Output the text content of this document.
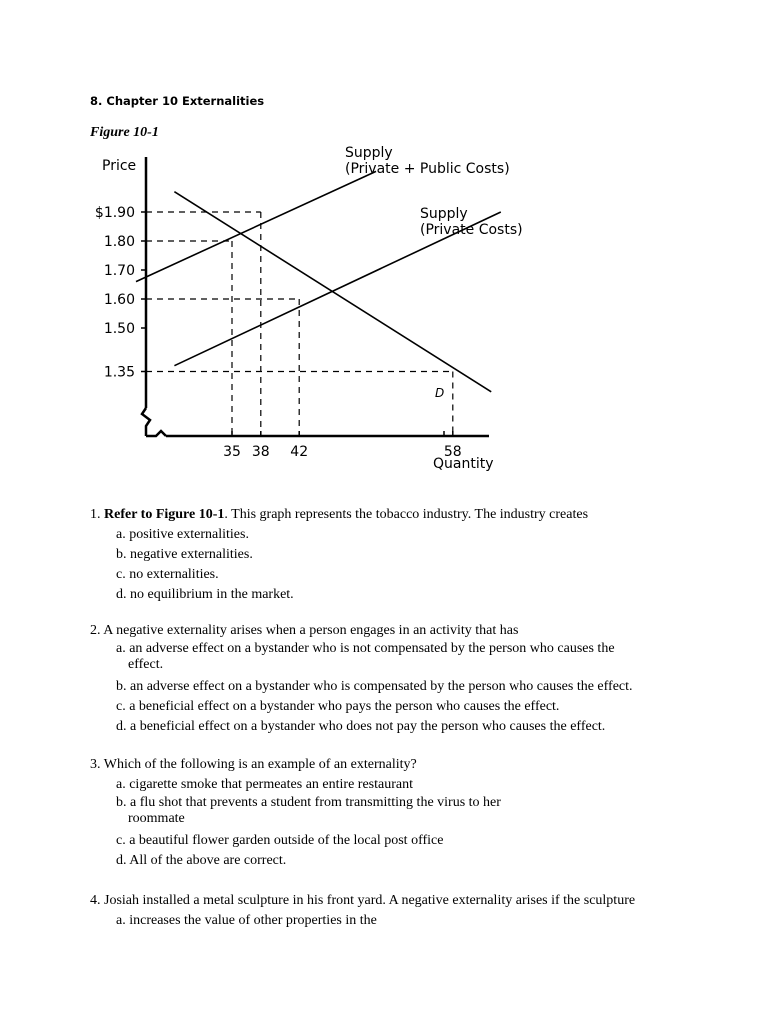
8. Chapter 10 Externalities
Figure 10-1
Price
Quantity
$1.90
1.80
1.70
1.60
1.50
1.35
35 38 42	58
Supply
(Private + Public Costs)
Supply
(Private Costs)
D
1. Refer to Figure 10-1. This graph represents the tobacco industry. The industry creates
a. positive externalities.
b. negative externalities.
c. no externalities.
d. no equilibrium in the market.
2. A negative externality arises when a person engages in an activity that has
a. an adverse effect on a bystander who is not compensated by the person who causes the effect.
b. an adverse effect on a bystander who is compensated by the person who causes the effect.
c. a beneficial effect on a bystander who pays the person who causes the effect.
d. a beneficial effect on a bystander who does not pay the person who causes the effect.
3. Which of the following is an example of an externality?
a. cigarette smoke that permeates an entire restaurant
b. a flu shot that prevents a student from transmitting the virus to her roommate
c. a beautiful flower garden outside of the local post office
d. All of the above are correct.
4. Josiah installed a metal sculpture in his front yard. A negative externality arises if the sculpture
a. increases the value of other properties in the
